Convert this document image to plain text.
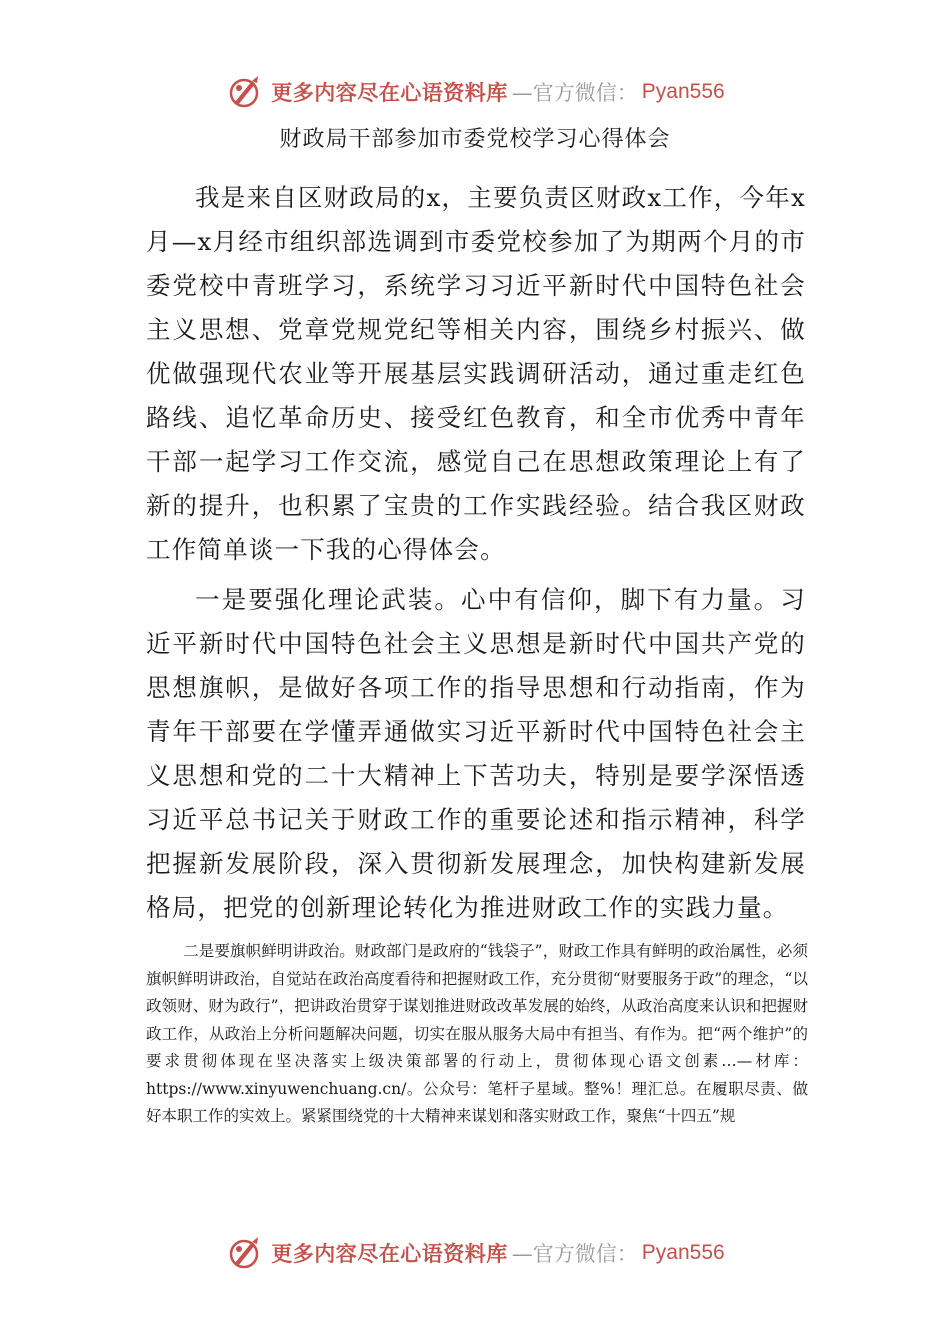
更多内容尽在心语资料库 —官方微信： Pyan556
财政局干部参加市委党校学习心得体会

我是来自区财政局的x，主要负责区财政x工作，今年x月—x月经市组织部选调到市委党校参加了为期两个月的市委党校中青班学习，系统学习习近平新时代中国特色社会主义思想、党章党规党纪等相关内容，围绕乡村振兴、做优做强现代农业等开展基层实践调研活动，通过重走红色路线、追忆革命历史、接受红色教育，和全市优秀中青年干部一起学习工作交流，感觉自己在思想政策理论上有了新的提升，也积累了宝贵的工作实践经验。结合我区财政工作简单谈一下我的心得体会。

一是要强化理论武装。心中有信仰，脚下有力量。习近平新时代中国特色社会主义思想是新时代中国共产党的思想旗帜，是做好各项工作的指导思想和行动指南，作为青年干部要在学懂弄通做实习近平新时代中国特色社会主义思想和党的二十大精神上下苦功夫，特别是要学深悟透习近平总书记关于财政工作的重要论述和指示精神，科学把握新发展阶段，深入贯彻新发展理念，加快构建新发展格局，把党的创新理论转化为推进财政工作的实践力量。

二是要旗帜鲜明讲政治。财政部门是政府的“钱袋子”，财政工作具有鲜明的政治属性，必须旗帜鲜明讲政治，自觉站在政治高度看待和把握财政工作，充分贯彻“财要服务于政”的理念，“以政领财、财为政行”，把讲政治贯穿于谋划推进财政改革发展的始终，从政治高度来认识和把握财政工作，从政治上分析问题解决问题，切实在服从服务大局中有担当、有作为。把“两个维护”的要求贯彻体现在坚决落实上级决策部署的行动上，贯彻体现心语文创素…—材库：https://www.xinyuwenchuang.cn/。公众号：笔杆子星域。整%！理汇总。在履职尽责、做好本职工作的实效上。紧紧围绕党的十大精神来谋划和落实财政工作，聚焦“十四五”规

更多内容尽在心语资料库 —官方微信： Pyan556
